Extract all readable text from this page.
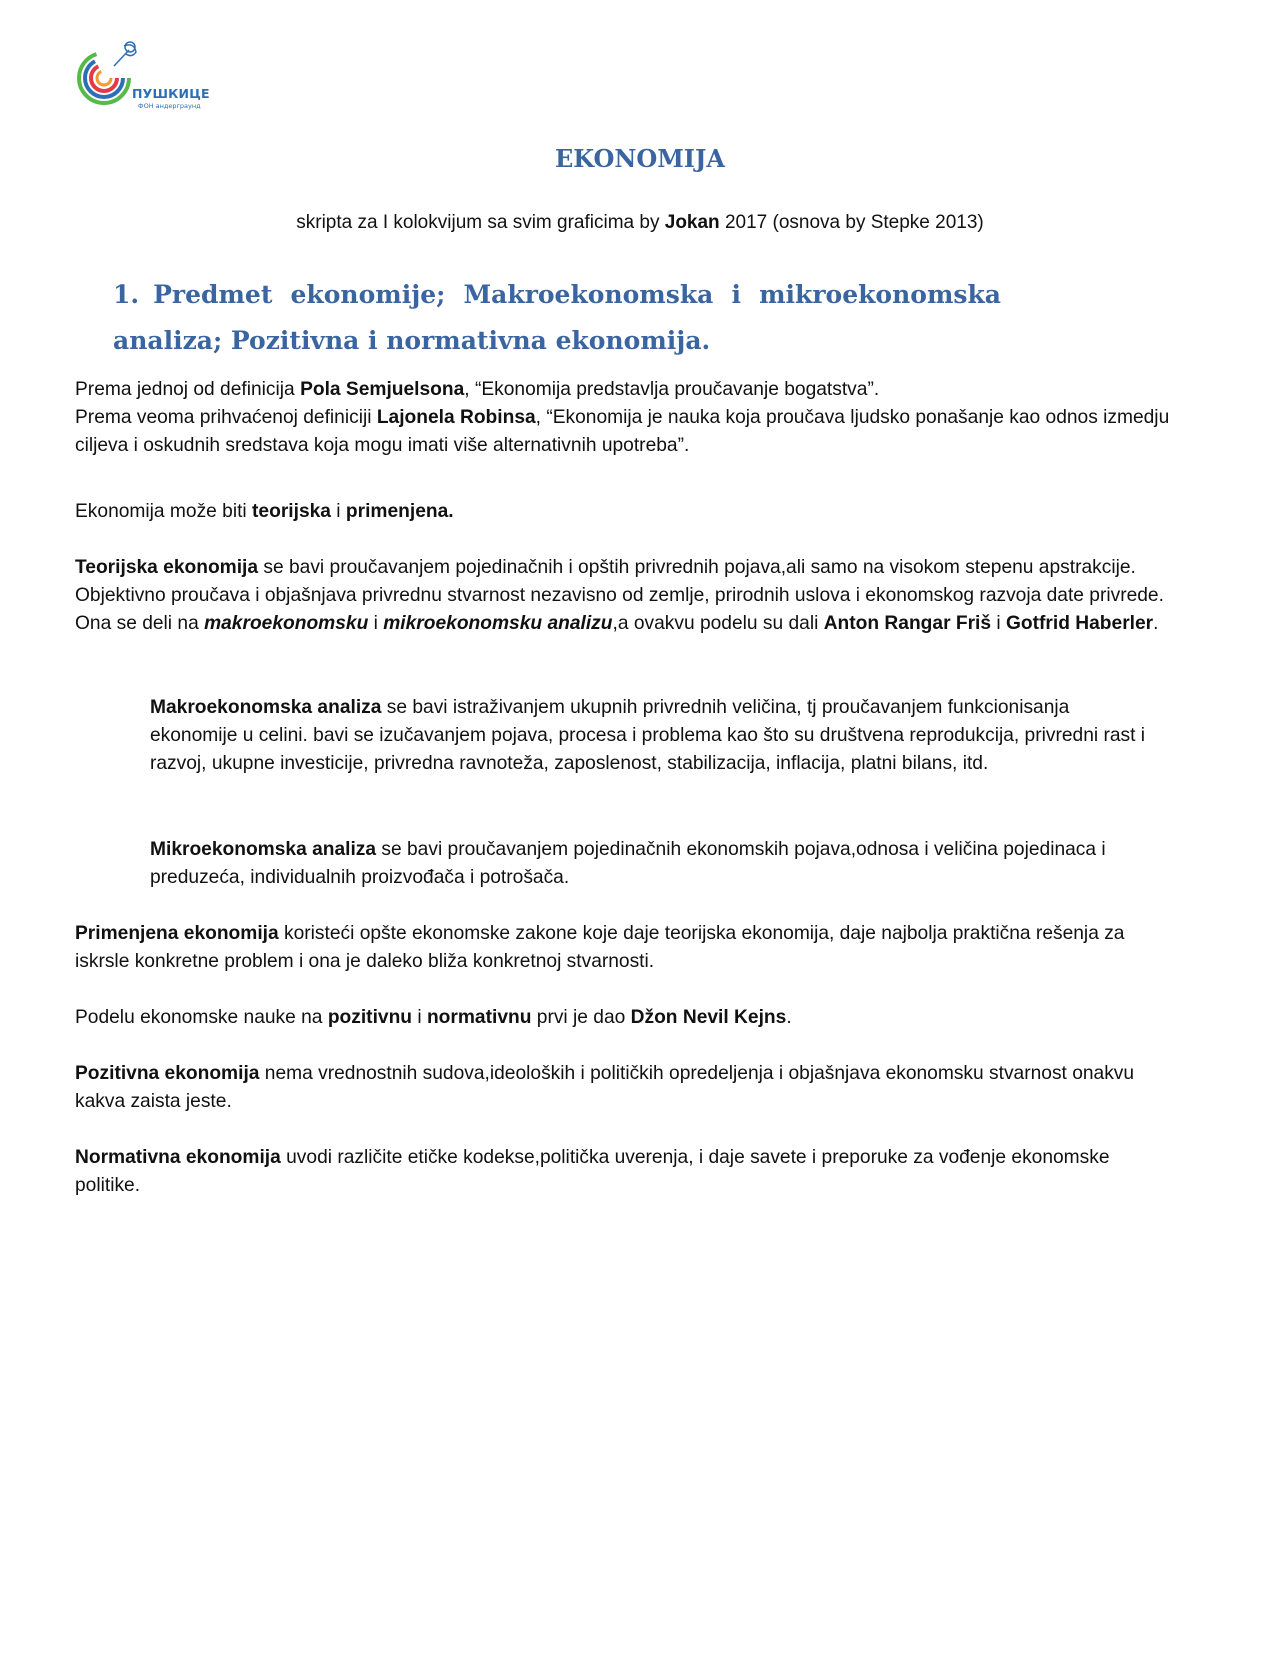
ПУШКИЦЕ
ФОН андерграунд
EKONOMIJA
skripta za I kolokvijum sa svim graficima by Jokan 2017 (osnova by Stepke 2013)
1. Predmet ekonomije; Makroekonomska i mikroekonomska analiza; Pozitivna i normativna ekonomija.

Prema jednoj od definicija Pola Semjuelsona, “Ekonomija predstavlja proučavanje bogatstva”.
Prema veoma prihvaćenoj definiciji Lajonela Robinsa, “Ekonomija je nauka koja proučava ljudsko ponašanje kao odnos izmedju ciljeva i oskudnih sredstava koja mogu imati više alternativnih upotreba”.

Ekonomija može biti teorijska i primenjena.

Teorijska ekonomija se bavi proučavanjem pojedinačnih i opštih privrednih pojava,ali samo na visokom stepenu apstrakcije. Objektivno proučava i objašnjava privrednu stvarnost nezavisno od zemlje, prirodnih uslova i ekonomskog razvoja date privrede. Ona se deli na makroekonomsku i mikroekonomsku analizu,a ovakvu podelu su dali Anton Rangar Friš i Gotfrid Haberler.

Makroekonomska analiza se bavi istraživanjem ukupnih privrednih veličina, tj proučavanjem funkcionisanja ekonomije u celini. bavi se izučavanjem pojava, procesa i problema kao što su društvena reprodukcija, privredni rast i razvoj, ukupne investicije, privredna ravnoteža, zaposlenost, stabilizacija, inflacija, platni bilans, itd.

Mikroekonomska analiza se bavi proučavanjem pojedinačnih ekonomskih pojava,odnosa i veličina pojedinaca i preduzeća, individualnih proizvođača i potrošača.

Primenjena ekonomija koristeći opšte ekonomske zakone koje daje teorijska ekonomija, daje najbolja praktična rešenja za iskrsle konkretne problem i ona je daleko bliža konkretnoj stvarnosti.

Podelu ekonomske nauke na pozitivnu i normativnu prvi je dao Džon Nevil Kejns.

Pozitivna ekonomija nema vrednostnih sudova,ideoloških i političkih opredeljenja i objašnjava ekonomsku stvarnost onakvu kakva zaista jeste.

Normativna ekonomija uvodi različite etičke kodekse,politička uverenja, i daje savete i preporuke za vođenje ekonomske politike.
